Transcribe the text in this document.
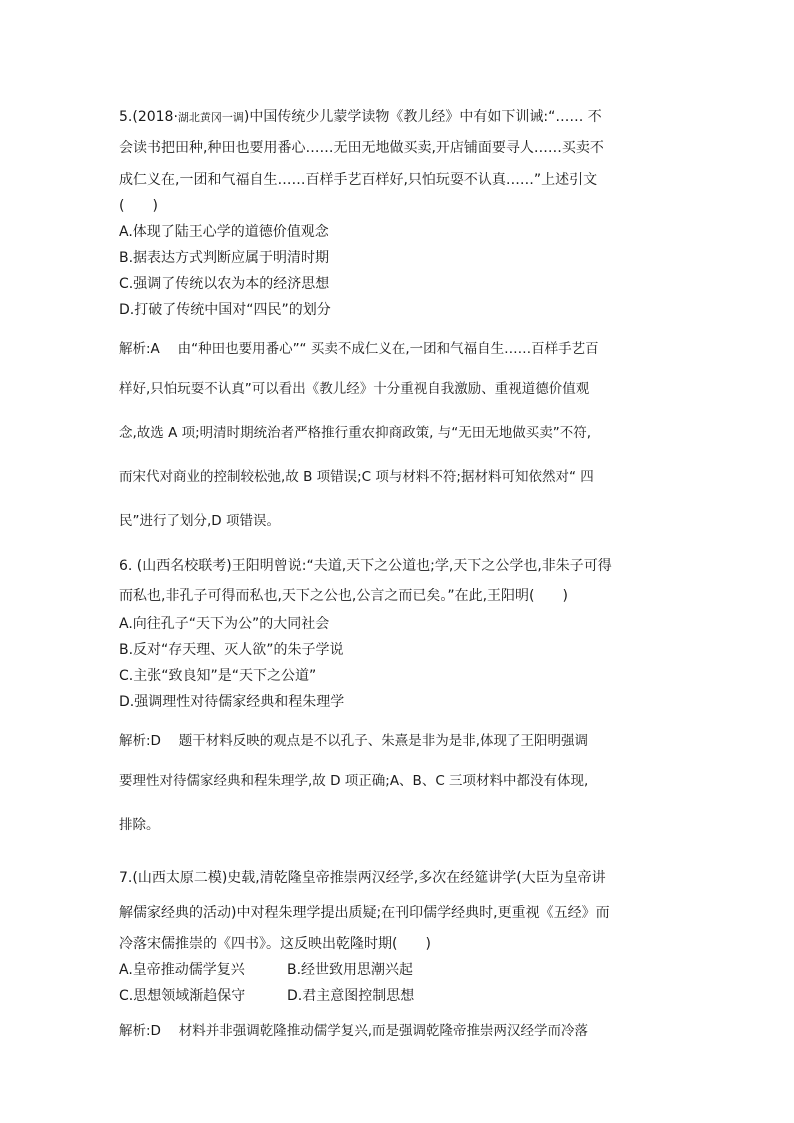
5.(2018·湖北黄冈一调)中国传统少儿蒙学读物《教儿经》中有如下训诫:“…… 不
会读书把田种,种田也要用番心……无田无地做买卖,开店铺面要寻人……买卖不
成仁义在,一团和气福自生……百样手艺百样好,只怕玩耍不认真……”上述引文
(　　)
A.体现了陆王心学的道德价值观念
B.据表达方式判断应属于明清时期
C.强调了传统以农为本的经济思想
D.打破了传统中国对“四民”的划分
解析:A　 由“种田也要用番心”“ 买卖不成仁义在,一团和气福自生……百样手艺百
样好,只怕玩耍不认真”可以看出《教儿经》十分重视自我激励、重视道德价值观
念,故选 A 项;明清时期统治者严格推行重农抑商政策, 与“无田无地做买卖”不符,
而宋代对商业的控制较松弛,故 B 项错误;C 项与材料不符;据材料可知依然对“ 四
民”进行了划分,D 项错误。
6. (山西名校联考)王阳明曾说:“夫道,天下之公道也;学,天下之公学也,非朱子可得
而私也,非孔子可得而私也,天下之公也,公言之而已矣。”在此,王阳明(　　)
A.向往孔子“天下为公”的大同社会
B.反对“存天理、灭人欲”的朱子学说
C.主张“致良知”是“天下之公道”
D.强调理性对待儒家经典和程朱理学
解析:D　 题干材料反映的观点是不以孔子、朱熹是非为是非,体现了王阳明强调
要理性对待儒家经典和程朱理学,故 D 项正确;A、B、C 三项材料中都没有体现,
排除。
7.(山西太原二模)史载,清乾隆皇帝推崇两汉经学,多次在经筵讲学(大臣为皇帝讲
解儒家经典的活动)中对程朱理学提出质疑;在刊印儒学经典时,更重视《五经》而
冷落宋儒推崇的《四书》。这反映出乾隆时期(　　)
A.皇帝推动儒学复兴	B.经世致用思潮兴起
C.思想领域渐趋保守	D.君主意图控制思想
解析:D　 材料并非强调乾隆推动儒学复兴,而是强调乾隆帝推崇两汉经学而冷落
